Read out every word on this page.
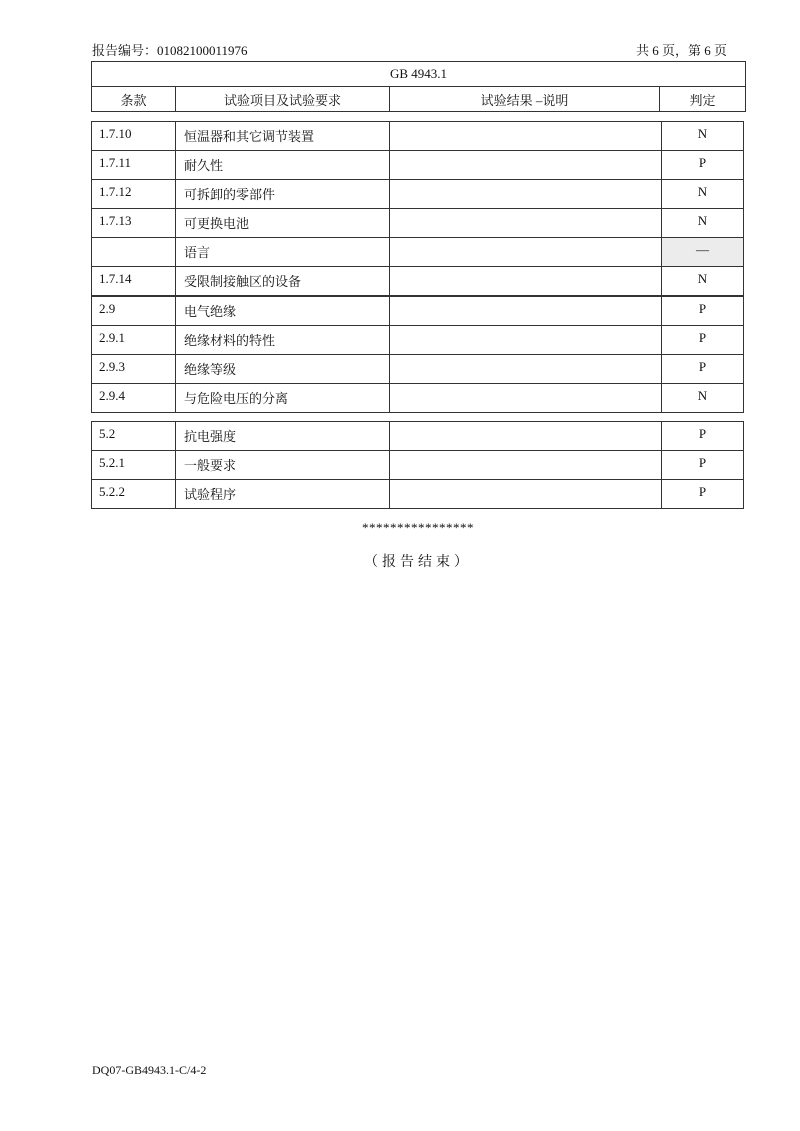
报告编号：01082100011976	共 6 页，第 6 页
GB 4943.1
条款	试验项目及试验要求	试验结果 –说明	判定
1.7.10	恒温器和其它调节装置		N
1.7.11	耐久性		P
1.7.12	可拆卸的零部件		N
1.7.13	可更换电池		N
	语言		—
1.7.14	受限制接触区的设备		N
2.9	电气绝缘		P
2.9.1	绝缘材料的特性		P
2.9.3	绝缘等级		P
2.9.4	与危险电压的分离		N
5.2	抗电强度		P
5.2.1	一般要求		P
5.2.2	试验程序		P
****************
（报告结束）
DQ07-GB4943.1-C/4-2
